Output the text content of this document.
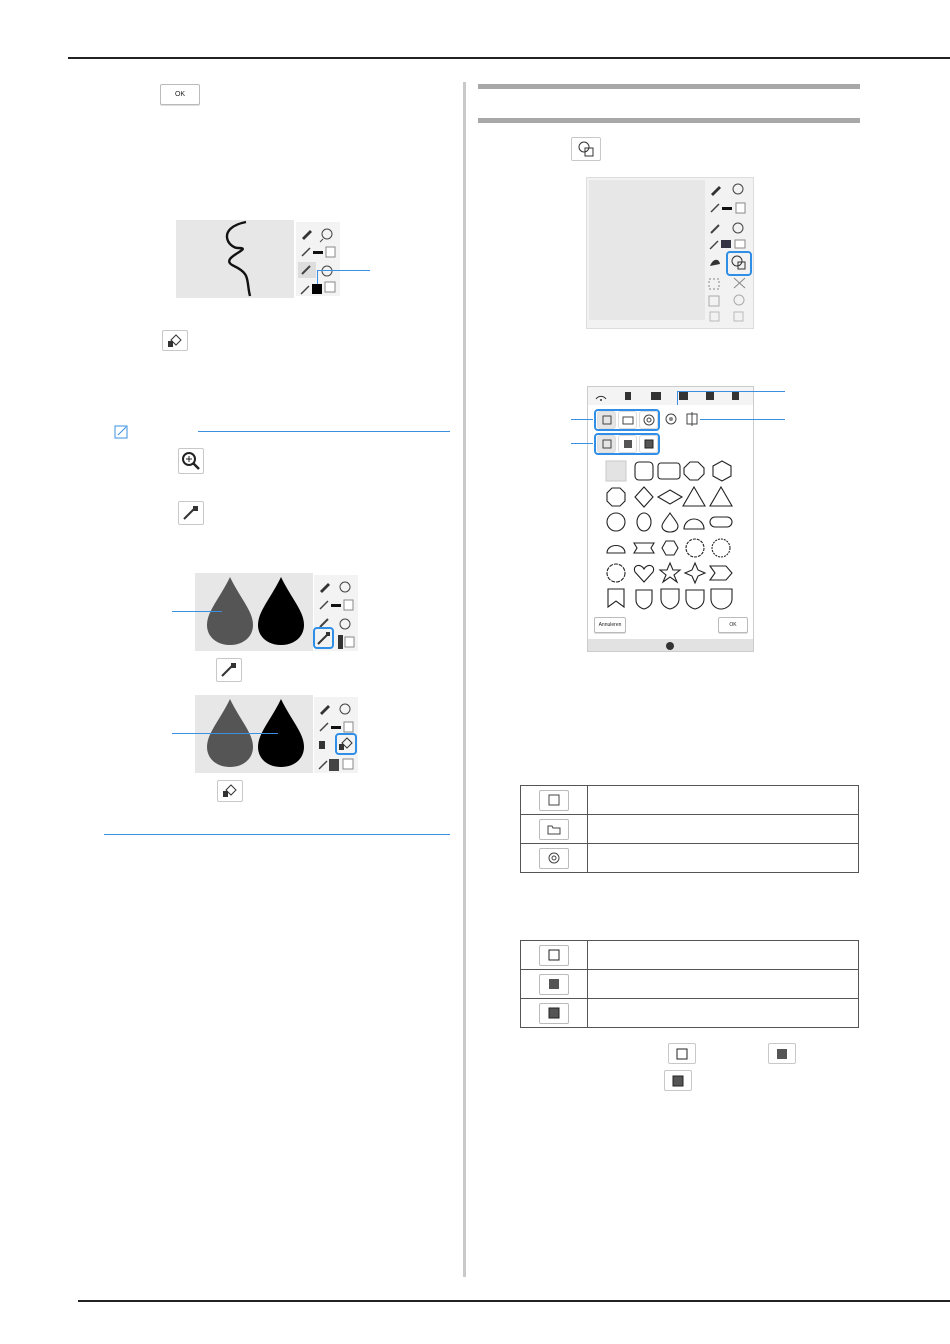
OK
Annuleren	OK
